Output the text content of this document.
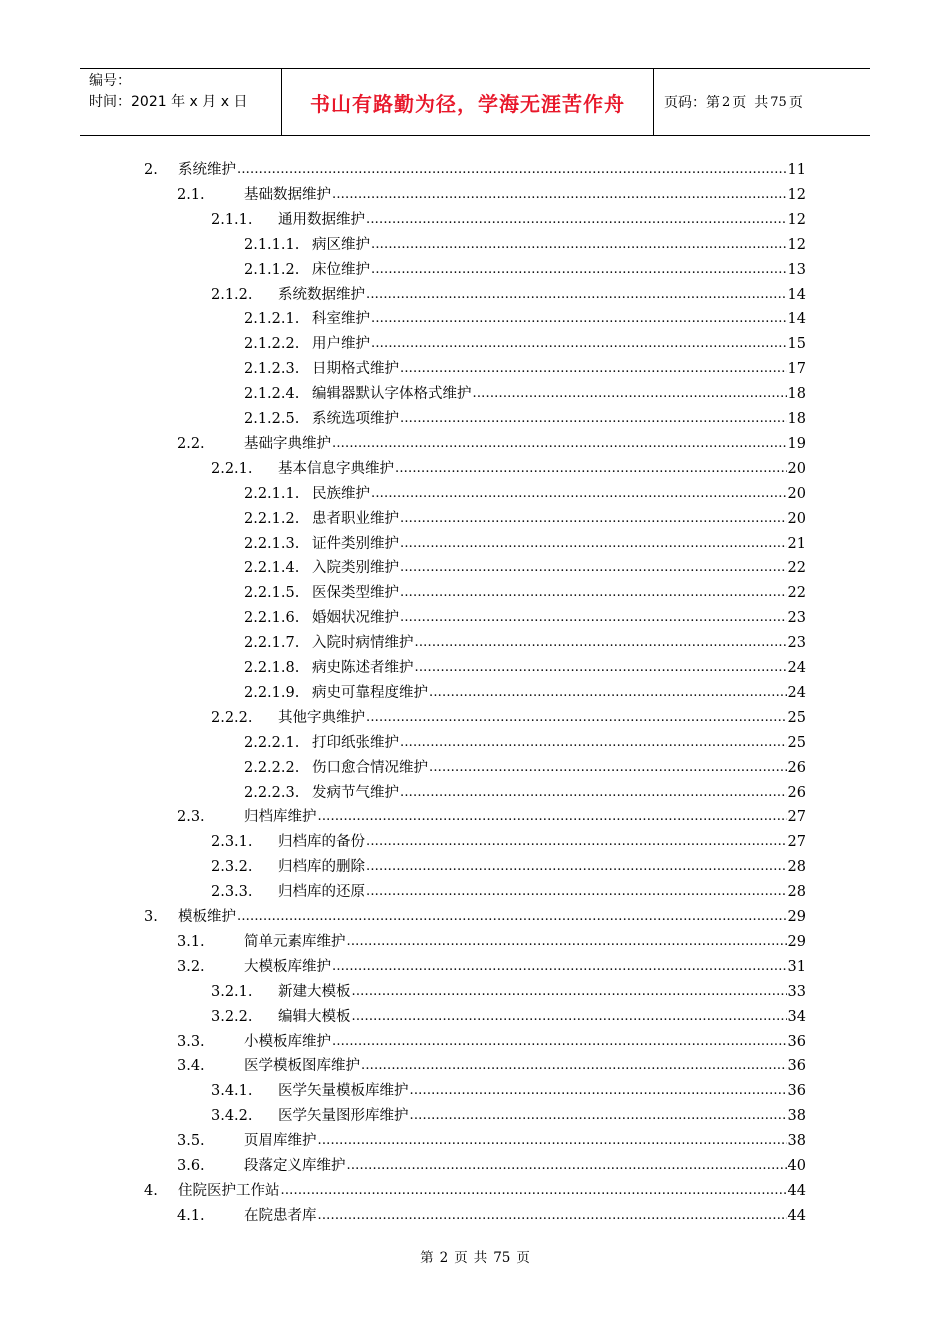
编号：
时间：2021 年 x 月 x 日	书山有路勤为径，学海无涯苦作舟	页码：第 2 页 共 75 页
2. 系统维护 .....	11
2.1.	基础数据维护 .....	12
2.1.1. 通用数据维护 .....	12
2.1.1.1. 病区维护 .....	12
2.1.1.2. 床位维护 .....	13
2.1.2. 系统数据维护 .....	14
2.1.2.1. 科室维护 .....	14
2.1.2.2. 用户维护 .....	15
2.1.2.3. 日期格式维护 .....	17
2.1.2.4. 编辑器默认字体格式维护 .....	18
2.1.2.5. 系统选项维护 .....	18
2.2.	基础字典维护 .....	19
2.2.1. 基本信息字典维护 .....	20
2.2.1.1. 民族维护 .....	20
2.2.1.2. 患者职业维护 .....	20
2.2.1.3. 证件类别维护 .....	21
2.2.1.4. 入院类别维护 .....	22
2.2.1.5. 医保类型维护 .....	22
2.2.1.6. 婚姻状况维护 .....	23
2.2.1.7. 入院时病情维护 .....	23
2.2.1.8. 病史陈述者维护 .....	24
2.2.1.9. 病史可靠程度维护 .....	24
2.2.2. 其他字典维护 .....	25
2.2.2.1. 打印纸张维护 .....	25
2.2.2.2. 伤口愈合情况维护 .....	26
2.2.2.3. 发病节气维护 .....	26
2.3.	归档库维护 .....	27
2.3.1. 归档库的备份 .....	27
2.3.2. 归档库的删除 .....	28
2.3.3. 归档库的还原 .....	28
3. 模板维护 .....	29
3.1.	简单元素库维护 .....	29
3.2.	大模板库维护 .....	31
3.2.1. 新建大模板 .....	33
3.2.2. 编辑大模板 .....	34
3.3.	小模板库维护 .....	36
3.4.	医学模板图库维护 .....	36
3.4.1. 医学矢量模板库维护 .....	36
3.4.2. 医学矢量图形库维护 .....	38
3.5.	页眉库维护 .....	38
3.6.	段落定义库维护 .....	40
4. 住院医护工作站 .....	44
4.1.	在院患者库 .....	44
第 2 页 共 75 页
